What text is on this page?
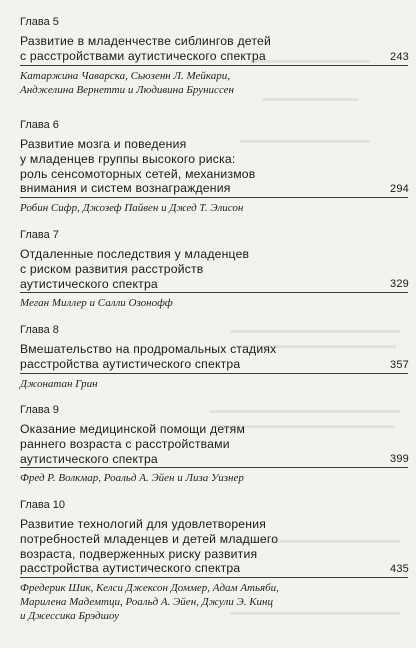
Глава 5
Развитие в младенчестве сиблингов детей
с расстройствами аутистического спектра	243
Катаржина Чаварска, Сьюзенн Л. Мейкари,
Анджелина Вернетти и Людивина Бруниссен
Глава 6
Развитие мозга и поведения
у младенцев группы высокого риска:
роль сенсомоторных сетей, механизмов
внимания и систем вознаграждения	294
Робин Сифр, Джозеф Пайвен и Джед Т. Элисон
Глава 7
Отдаленные последствия у младенцев
с риском развития расстройств
аутистического спектра	329
Меган Миллер и Салли Озонофф
Глава 8
Вмешательство на продромальных стадиях
расстройства аутистического спектра	357
Джонатан Грин
Глава 9
Оказание медицинской помощи детям
раннего возраста с расстройствами
аутистического спектра	399
Фред Р. Волкмар, Роальд А. Эйен и Лиза Уизнер
Глава 10
Развитие технологий для удовлетворения
потребностей младенцев и детей младшего
возраста, подверженных риску развития
расстройства аутистического спектра	435
Фредерик Шик, Келси Джексон Доммер, Адам Атьяби,
Марилена Мадемтци, Роальд А. Эйен, Джули Э. Кинц
и Джессика Брэдшоу
